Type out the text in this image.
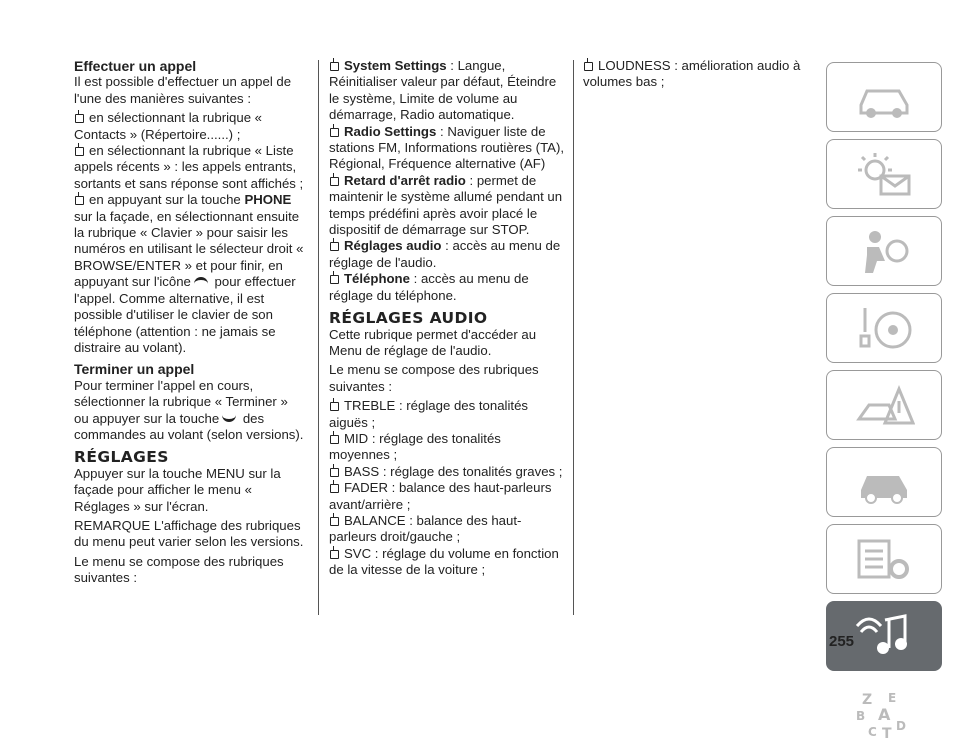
Effectuer un appel

Il est possible d'effectuer un appel de l'une des manières suivantes :

en sélectionnant la rubrique « Contacts » (Répertoire......) ;
en sélectionnant la rubrique « Liste appels récents » : les appels entrants, sortants et sans réponse sont affichés ;
en appuyant sur la touche PHONE sur la façade, en sélectionnant ensuite la rubrique « Clavier » pour saisir les numéros en utilisant le sélecteur droit « BROWSE/ENTER » et pour finir, en appuyant sur l'icône pour effectuer l'appel. Comme alternative, il est possible d'utiliser le clavier de son téléphone (attention : ne jamais se distraire au volant).
Terminer un appel

Pour terminer l'appel en cours, sélectionner la rubrique « Terminer » ou appuyer sur la touche des commandes au volant (selon versions).

RÉGLAGES

Appuyer sur la touche MENU sur la façade pour afficher le menu « Réglages » sur l'écran.

REMARQUE L'affichage des rubriques du menu peut varier selon les versions.

Le menu se compose des rubriques suivantes :

System Settings : Langue, Réinitialiser valeur par défaut, Éteindre le système, Limite de volume au démarrage, Radio automatique.
Radio Settings : Naviguer liste de stations FM, Informations routières (TA), Régional, Fréquence alternative (AF)
Retard d'arrêt radio : permet de maintenir le système allumé pendant un temps prédéfini après avoir placé le dispositif de démarrage sur STOP.
Réglages audio : accès au menu de réglage de l'audio.
Téléphone : accès au menu de réglage du téléphone.
RÉGLAGES AUDIO

Cette rubrique permet d'accéder au Menu de réglage de l'audio.

Le menu se compose des rubriques suivantes :

TREBLE : réglage des tonalités aiguës ;
MID : réglage des tonalités moyennes ;
BASS : réglage des tonalités graves ;
FADER : balance des haut-parleurs avant/arrière ;
BALANCE : balance des haut-parleurs droit/gauche ;
SVC : réglage du volume en fonction de la vitesse de la voiture ;
LOUDNESS : amélioration audio à volumes bas ;
Z E
B A
C D
T
255
